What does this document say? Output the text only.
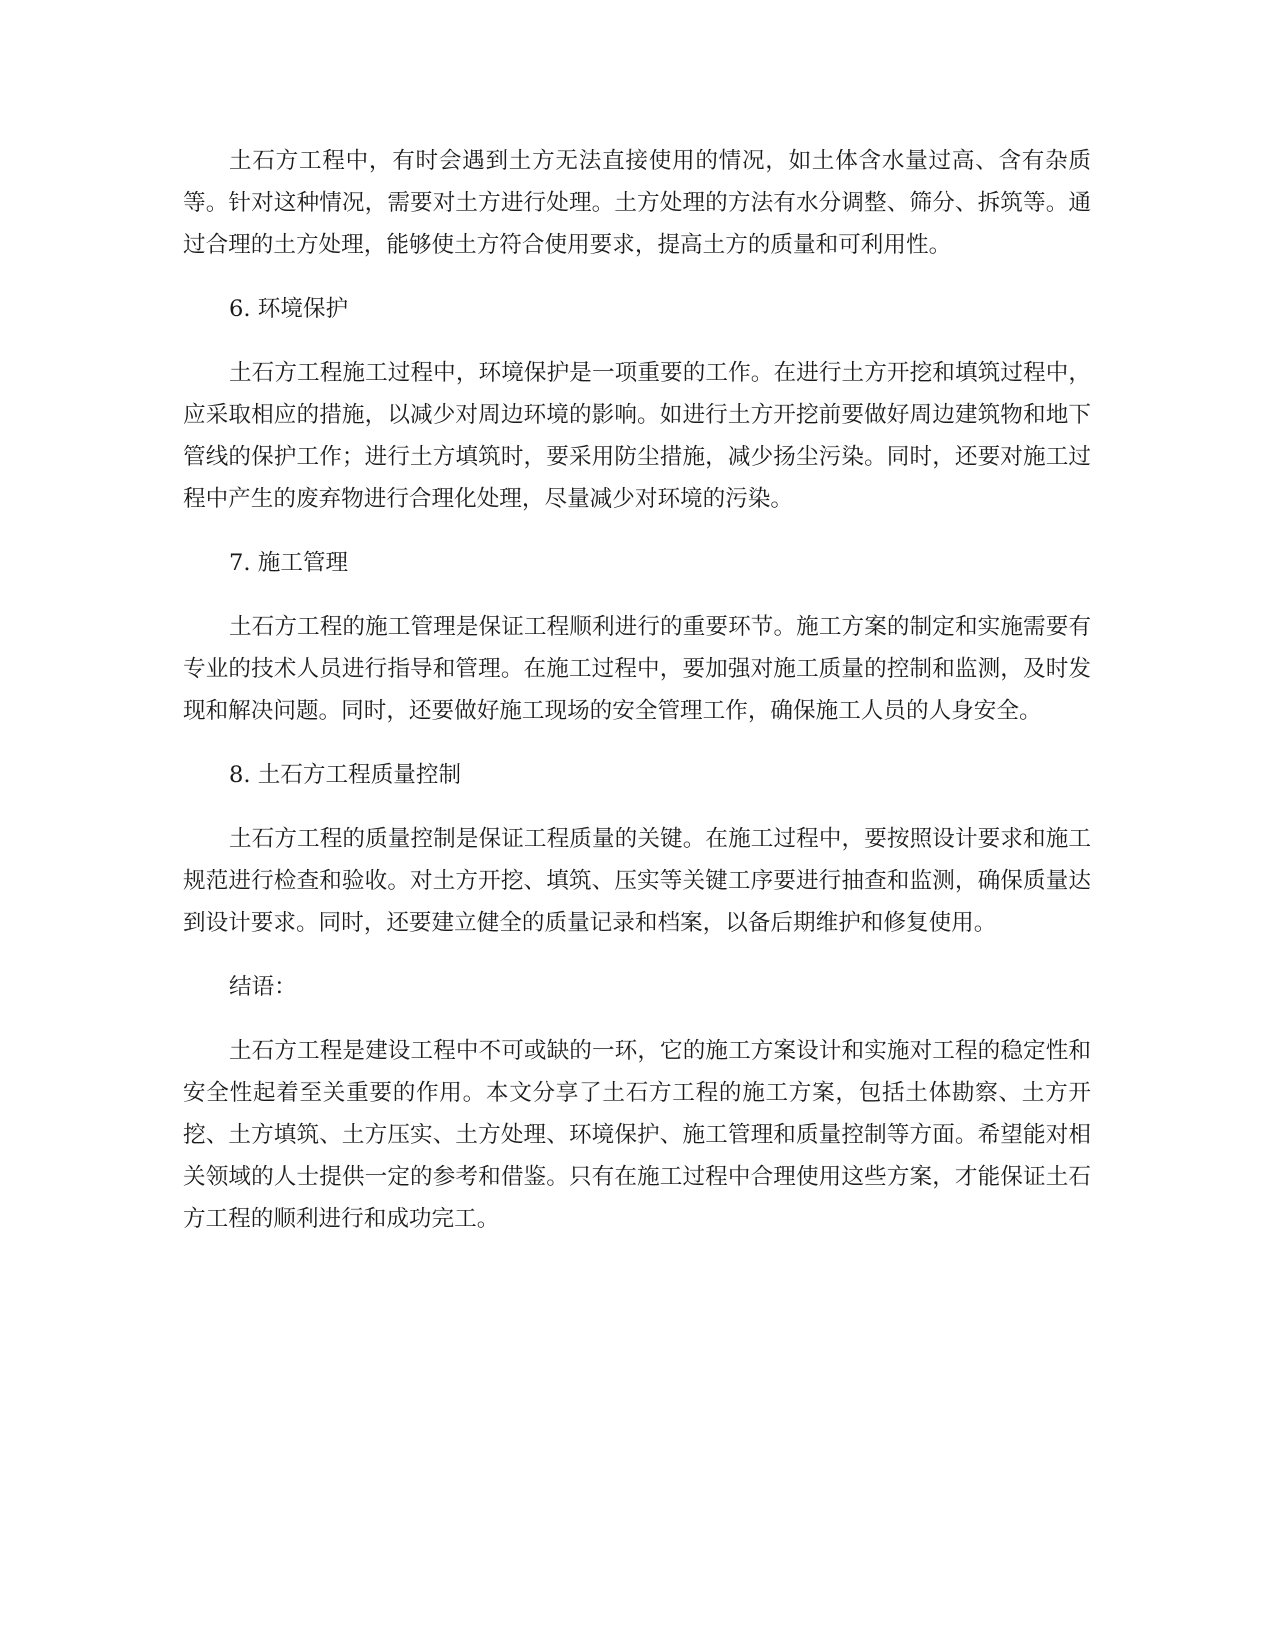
土石方工程中，有时会遇到土方无法直接使用的情况，如土体含水量过高、含有杂质等。针对这种情况，需要对土方进行处理。土方处理的方法有水分调整、筛分、拆筑等。通过合理的土方处理，能够使土方符合使用要求，提高土方的质量和可利用性。

6. 环境保护

土石方工程施工过程中，环境保护是一项重要的工作。在进行土方开挖和填筑过程中，应采取相应的措施，以减少对周边环境的影响。如进行土方开挖前要做好周边建筑物和地下管线的保护工作；进行土方填筑时，要采用防尘措施，减少扬尘污染。同时，还要对施工过程中产生的废弃物进行合理化处理，尽量减少对环境的污染。

7. 施工管理

土石方工程的施工管理是保证工程顺利进行的重要环节。施工方案的制定和实施需要有专业的技术人员进行指导和管理。在施工过程中，要加强对施工质量的控制和监测，及时发现和解决问题。同时，还要做好施工现场的安全管理工作，确保施工人员的人身安全。

8. 土石方工程质量控制

土石方工程的质量控制是保证工程质量的关键。在施工过程中，要按照设计要求和施工规范进行检查和验收。对土方开挖、填筑、压实等关键工序要进行抽查和监测，确保质量达到设计要求。同时，还要建立健全的质量记录和档案，以备后期维护和修复使用。

结语：

土石方工程是建设工程中不可或缺的一环，它的施工方案设计和实施对工程的稳定性和安全性起着至关重要的作用。本文分享了土石方工程的施工方案，包括土体勘察、土方开挖、土方填筑、土方压实、土方处理、环境保护、施工管理和质量控制等方面。希望能对相关领域的人士提供一定的参考和借鉴。只有在施工过程中合理使用这些方案，才能保证土石方工程的顺利进行和成功完工。
